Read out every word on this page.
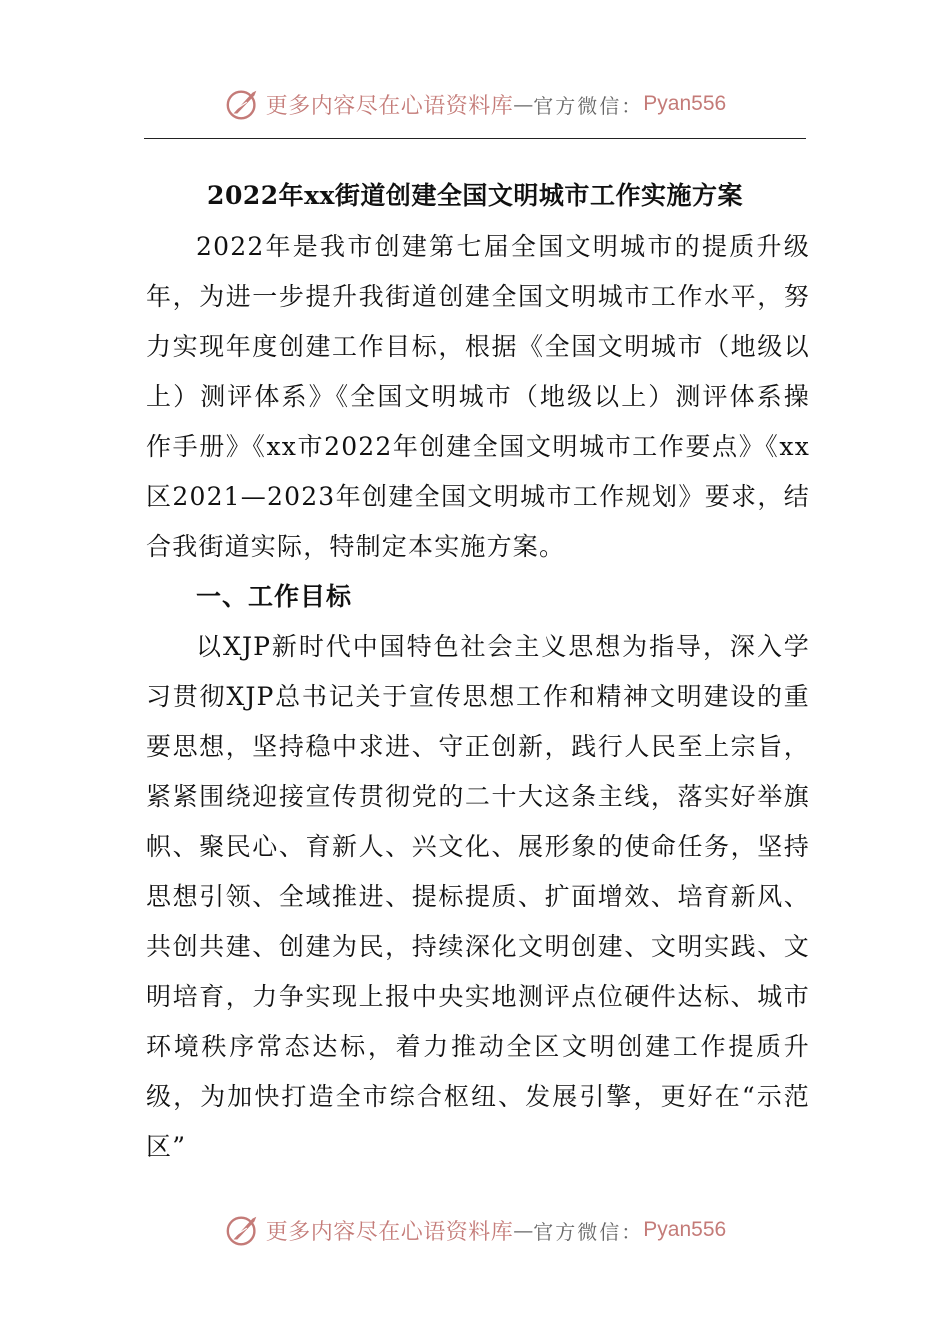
更多内容尽在心语资料库 — 官方微信： Pyan556
2022年xx街道创建全国文明城市工作实施方案

2022年是我市创建第七届全国文明城市的提质升级年，为进一步提升我街道创建全国文明城市工作水平，努力实现年度创建工作目标，根据《全国文明城市（地级以上）测评体系》《全国文明城市（地级以上）测评体系操作手册》《xx市2022年创建全国文明城市工作要点》《xx区2021—2023年创建全国文明城市工作规划》要求，结合我街道实际，特制定本实施方案。

一、工作目标

以XJP新时代中国特色社会主义思想为指导，深入学习贯彻XJP总书记关于宣传思想工作和精神文明建设的重要思想，坚持稳中求进、守正创新，践行人民至上宗旨，紧紧围绕迎接宣传贯彻党的二十大这条主线，落实好举旗帜、聚民心、育新人、兴文化、展形象的使命任务，坚持思想引领、全域推进、提标提质、扩面增效、培育新风、共创共建、创建为民，持续深化文明创建、文明实践、文明培育，力争实现上报中央实地测评点位硬件达标、城市环境秩序常态达标，着力推动全区文明创建工作提质升级，为加快打造全市综合枢纽、发展引擎，更好在“示范区”

更多内容尽在心语资料库 — 官方微信： Pyan556
